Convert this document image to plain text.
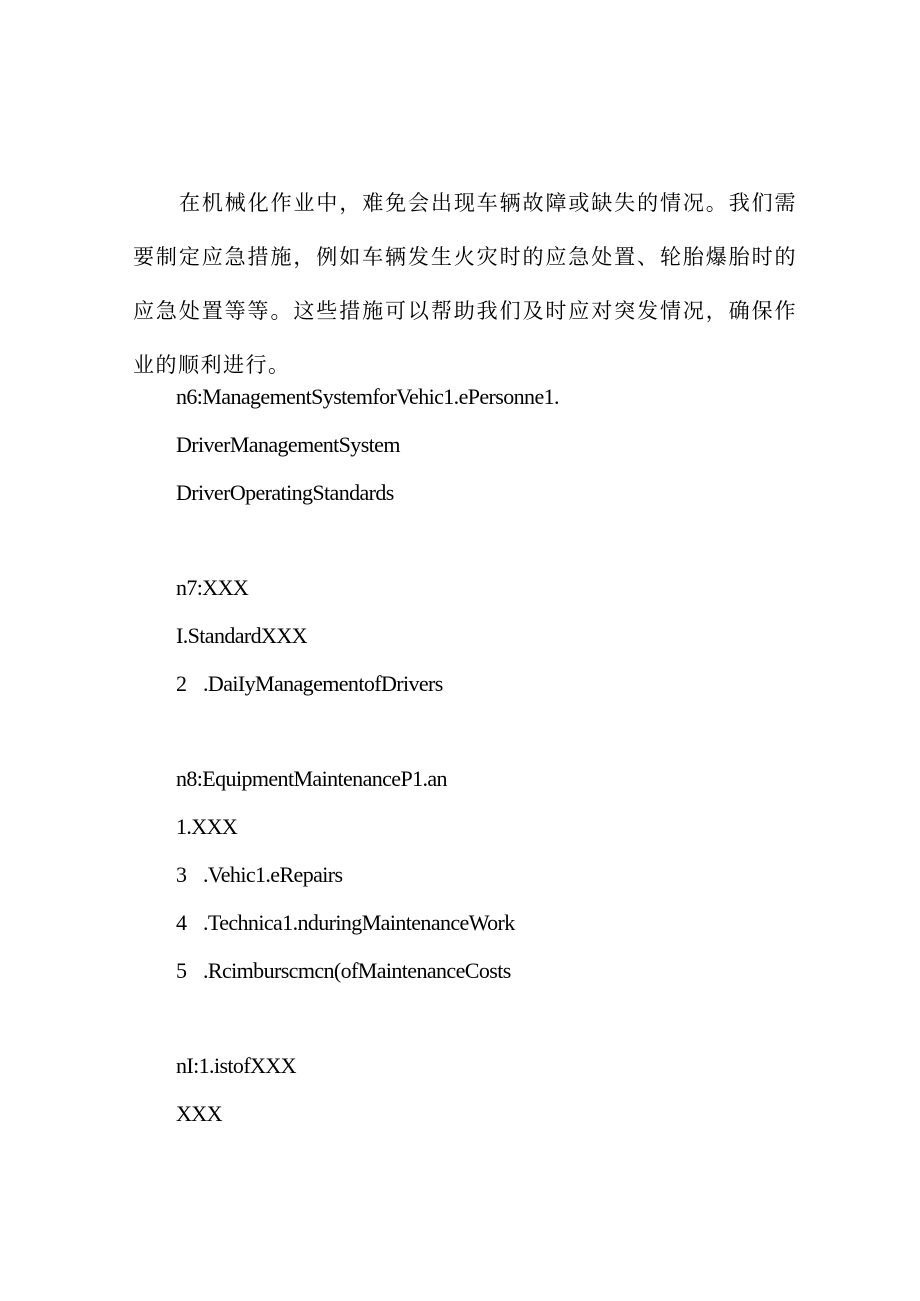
在机械化作业中，难免会出现车辆故障或缺失的情况。我们需要制定应急措施，例如车辆发生火灾时的应急处置、轮胎爆胎时的应急处置等等。这些措施可以帮助我们及时应对突发情况，确保作业的顺利进行。

n6:ManagementSystemforVehic1.ePersonne1.
DriverManagementSystem
DriverOperatingStandards
n7:XXX
I.StandardXXX
2 .DaiIyManagementofDrivers
n8:EquipmentMaintenanceP1.an
1.XXX
3 .Vehic1.eRepairs
4 .Technica1.nduringMaintenanceWork
5 .Rcimburscmcn(ofMaintenanceCosts
nI:1.istofXXX
XXX
